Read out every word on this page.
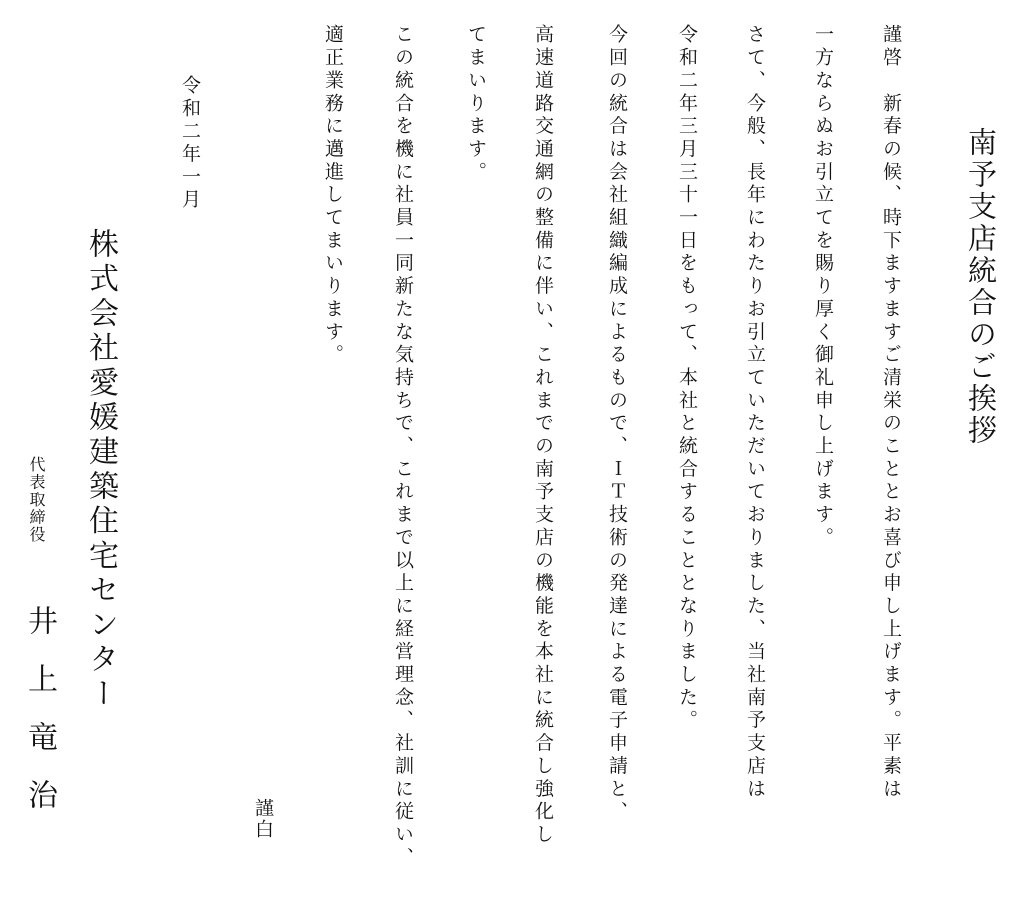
南予支店統合のご挨拶
謹啓　新春の候、時下ますますご清栄のこととお喜び申し上げます。平素は
一方ならぬお引立てを賜り厚く御礼申し上げます。
さて、今般、長年にわたりお引立ていただいておりました、当社南予支店は
令和二年三月三十一日をもって、本社と統合することとなりました。
今回の統合は会社組織編成によるもので、ＩＴ技術の発達による電子申請と、
高速道路交通網の整備に伴い、これまでの南予支店の機能を本社に統合し強化し
てまいります。
この統合を機に社員一同新たな気持ちで、これまで以上に経営理念、社訓に従い、
適正業務に邁進してまいります。
謹白
令和二年一月
株式会社愛媛建築住宅センター
代表取締役
井上竜治
